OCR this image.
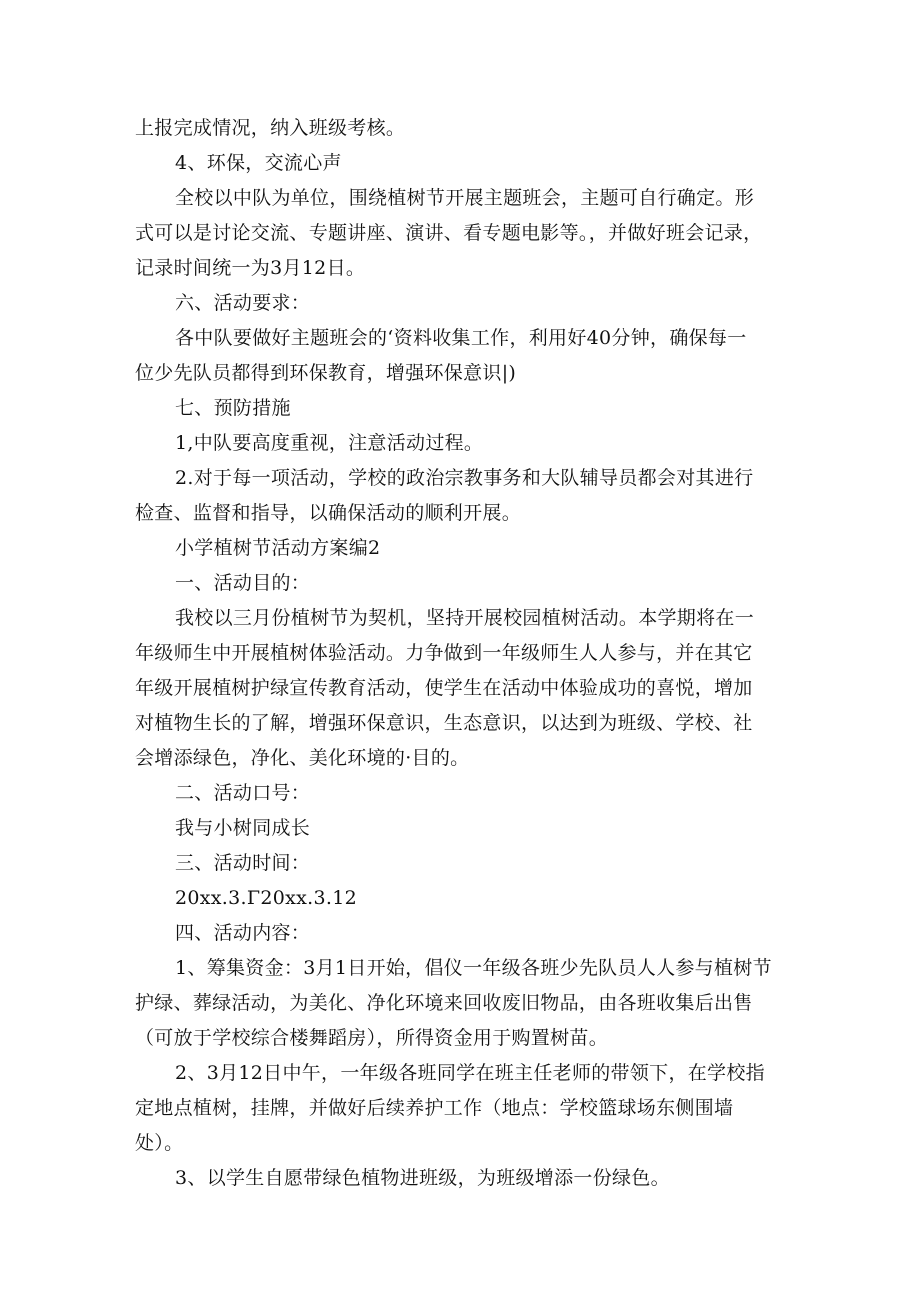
上报完成情况，纳入班级考核。
4、环保，交流心声
全校以中队为单位，围绕植树节开展主题班会，主题可自行确定。形
式可以是讨论交流、专题讲座、演讲、看专题电影等。，并做好班会记录，
记录时间统一为3月12日。
六、活动要求：
各中队要做好主题班会的‘资料收集工作，利用好40分钟，确保每一
位少先队员都得到环保教育，增强环保意识|)
七、预防措施
1,中队要高度重视，注意活动过程。
2.对于每一项活动，学校的政治宗教事务和大队辅导员都会对其进行
检查、监督和指导，以确保活动的顺利开展。
小学植树节活动方案编2
一、活动目的：
我校以三月份植树节为契机，坚持开展校园植树活动。本学期将在一
年级师生中开展植树体验活动。力争做到一年级师生人人参与，并在其它
年级开展植树护绿宣传教育活动，使学生在活动中体验成功的喜悦，增加
对植物生长的了解，增强环保意识，生态意识，以达到为班级、学校、社
会增添绿色，净化、美化环境的·目的。
二、活动口号：
我与小树同成长
三、活动时间：
20xx.3.Γ20xx.3.12
四、活动内容：
1、筹集资金：3月1日开始，倡仪一年级各班少先队员人人参与植树节
护绿、葬绿活动，为美化、净化环境来回收废旧物品，由各班收集后出售
（可放于学校综合楼舞蹈房），所得资金用于购置树苗。
2、3月12日中午，一年级各班同学在班主任老师的带领下，在学校指
定地点植树，挂牌，并做好后续养护工作（地点：学校篮球场东侧围墙
处）。
3、以学生自愿带绿色植物进班级，为班级增添一份绿色。
